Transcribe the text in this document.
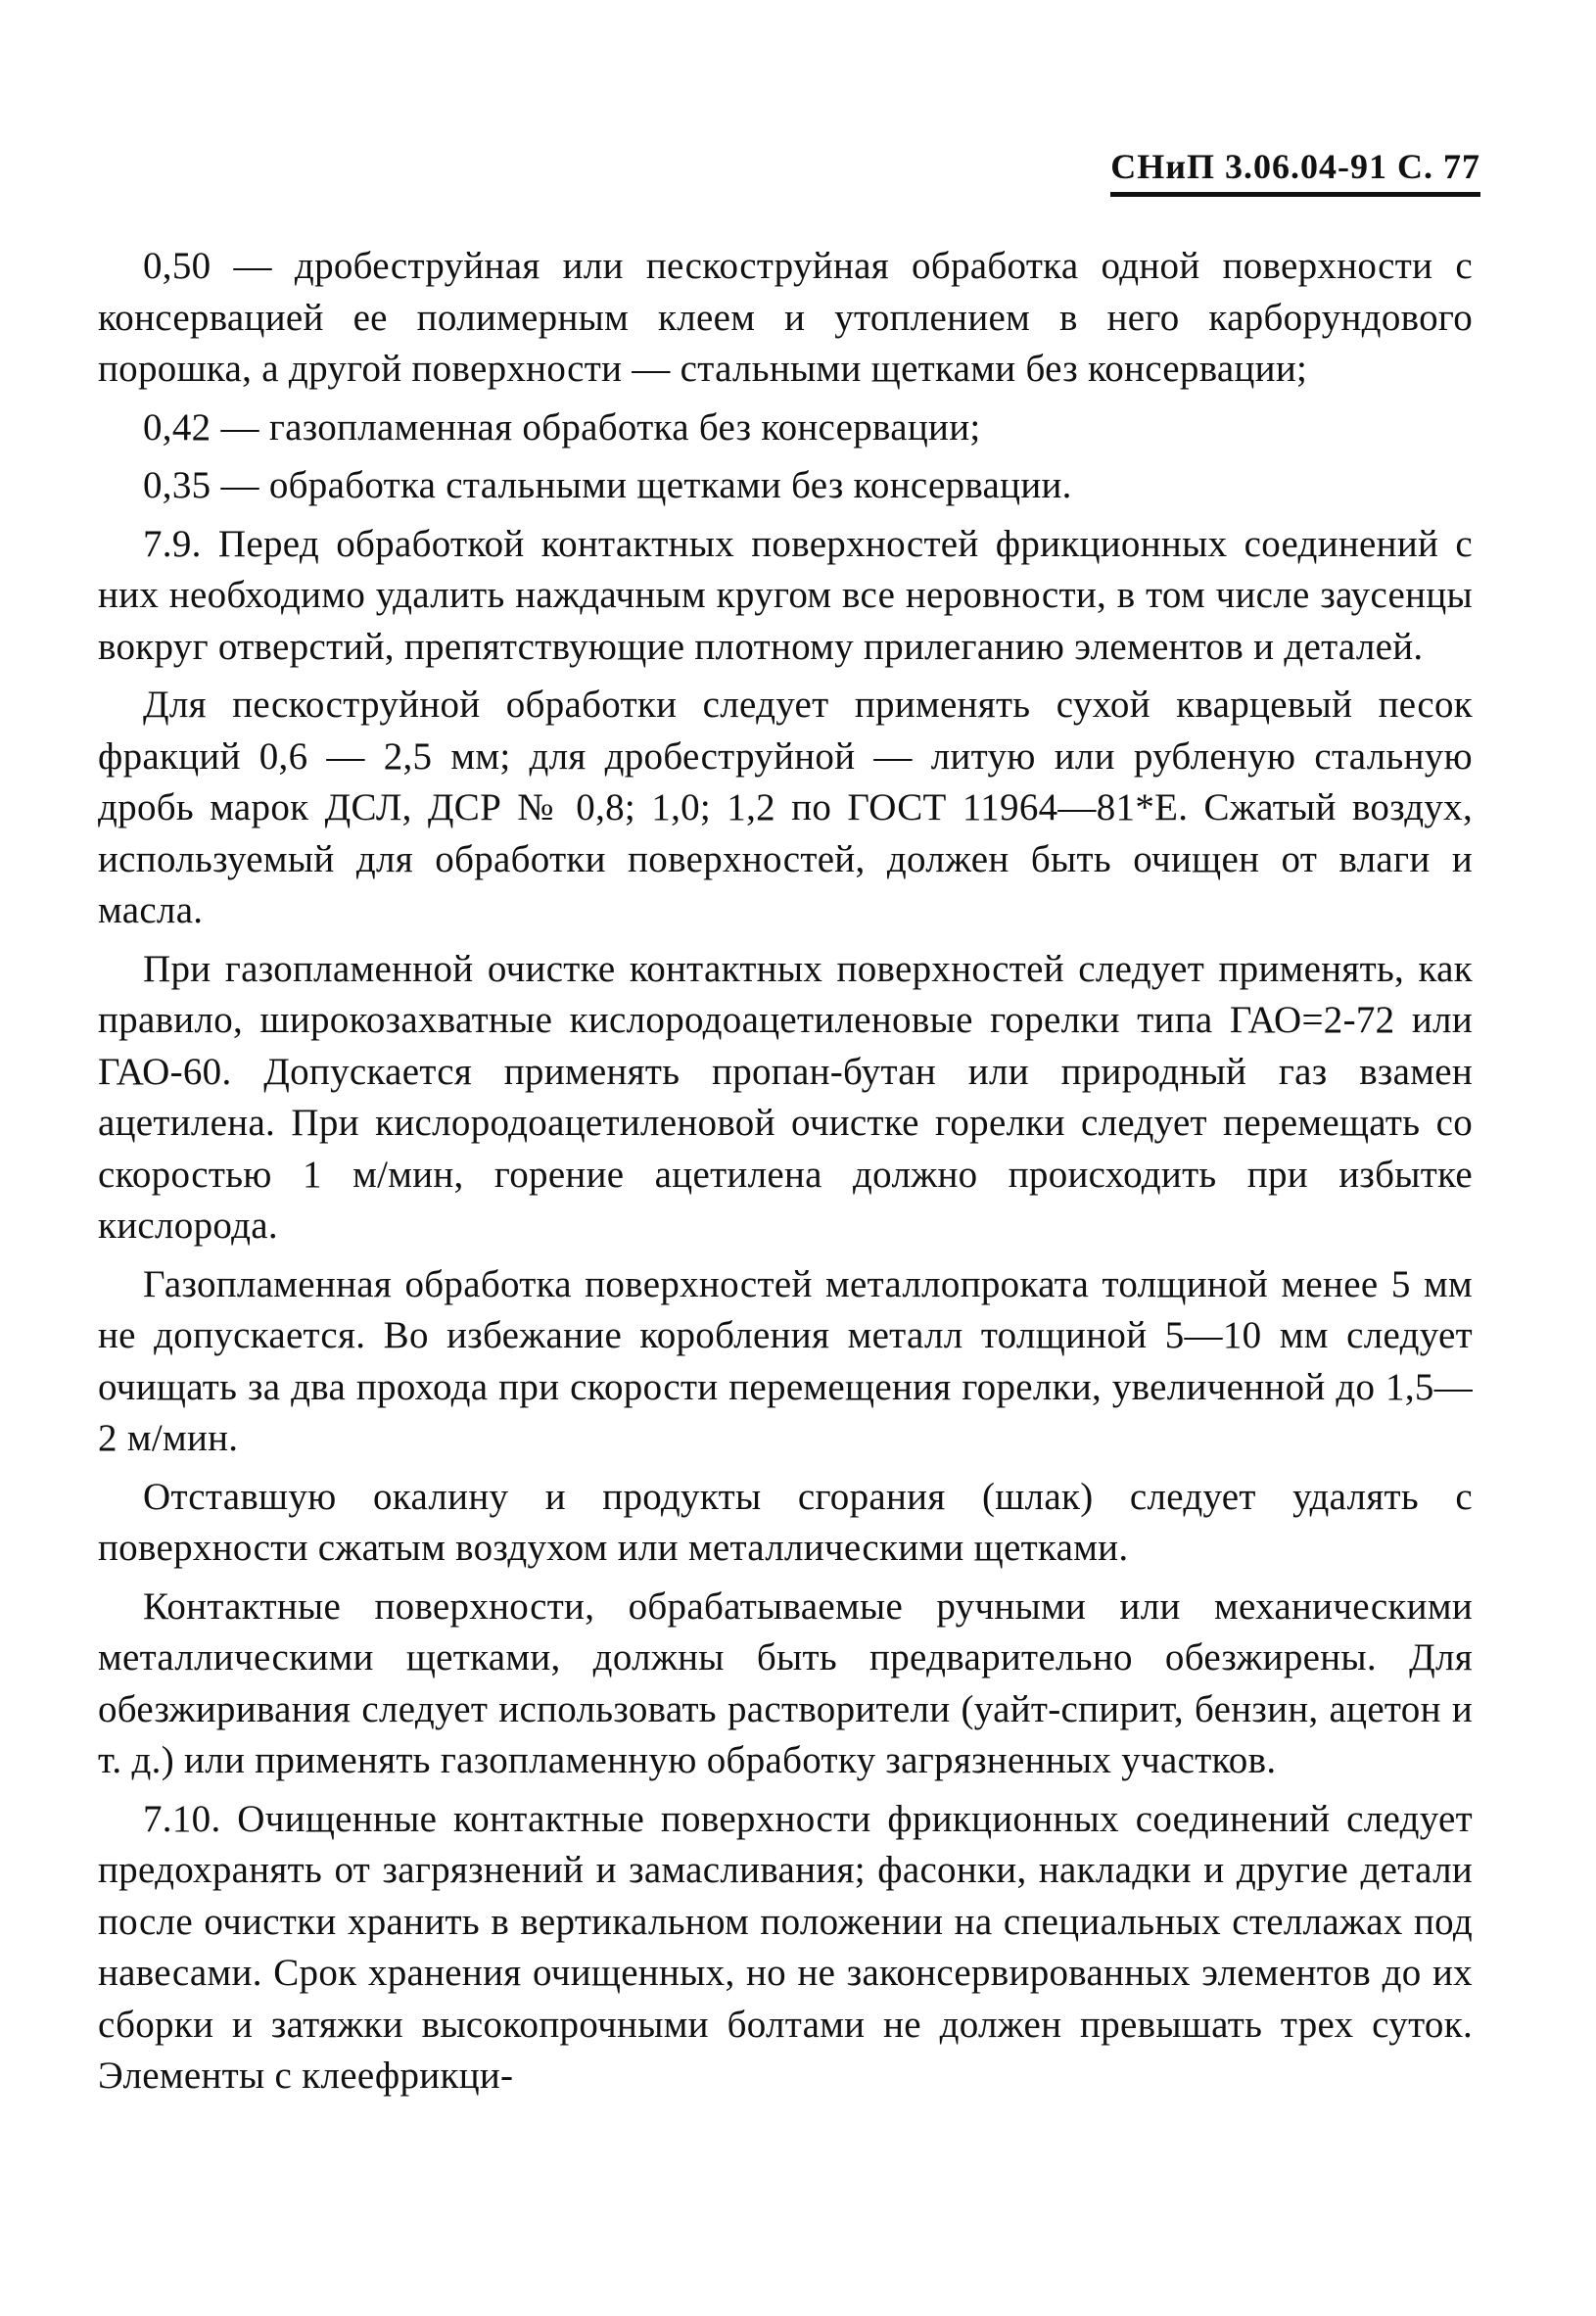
СНиП 3.06.04-91 С. 77

0,50 — дробеструйная или пескоструйная обработка одной поверхности с консервацией ее полимерным клеем и утоплением в него карборундового порошка, а другой поверхности — стальными щетками без консервации;

0,42 — газопламенная обработка без консервации;

0,35 — обработка стальными щетками без консервации.

7.9. Перед обработкой контактных поверхностей фрикционных соединений с них необходимо удалить наждачным кругом все неровности, в том числе заусенцы вокруг отверстий, препятствующие плотному прилеганию элементов и деталей.

Для пескоструйной обработки следует применять сухой кварцевый песок фракций 0,6 — 2,5 мм; для дробеструйной — литую или рубленую стальную дробь марок ДСЛ, ДСР № 0,8; 1,0; 1,2 по ГОСТ 11964—81*Е. Сжатый воздух, используемый для обработки поверхностей, должен быть очищен от влаги и масла.

При газопламенной очистке контактных поверхностей следует применять, как правило, широкозахватные кислородоацетиленовые горелки типа ГАО=2-72 или ГАО-60. Допускается применять пропан-бутан или природный газ взамен ацетилена. При кислородоацетиленовой очистке горелки следует перемещать со скоростью 1 м/мин, горение ацетилена должно происходить при избытке кислорода.

Газопламенная обработка поверхностей металлопроката толщиной менее 5 мм не допускается. Во избежание коробления металл толщиной 5—10 мм следует очищать за два прохода при скорости перемещения горелки, увеличенной до 1,5—2 м/мин.

Отставшую окалину и продукты сгорания (шлак) следует удалять с поверхности сжатым воздухом или металлическими щетками.

Контактные поверхности, обрабатываемые ручными или механическими металлическими щетками, должны быть предварительно обезжирены. Для обезжиривания следует использовать растворители (уайт-спирит, бензин, ацетон и т. д.) или применять газопламенную обработку загрязненных участков.

7.10. Очищенные контактные поверхности фрикционных соединений следует предохранять от загрязнений и замасливания; фасонки, накладки и другие детали после очистки хранить в вертикальном положении на специальных стеллажах под навесами. Срок хранения очищенных, но не законсервированных элементов до их сборки и затяжки высокопрочными болтами не должен превышать трех суток. Элементы с клеефрикци-
